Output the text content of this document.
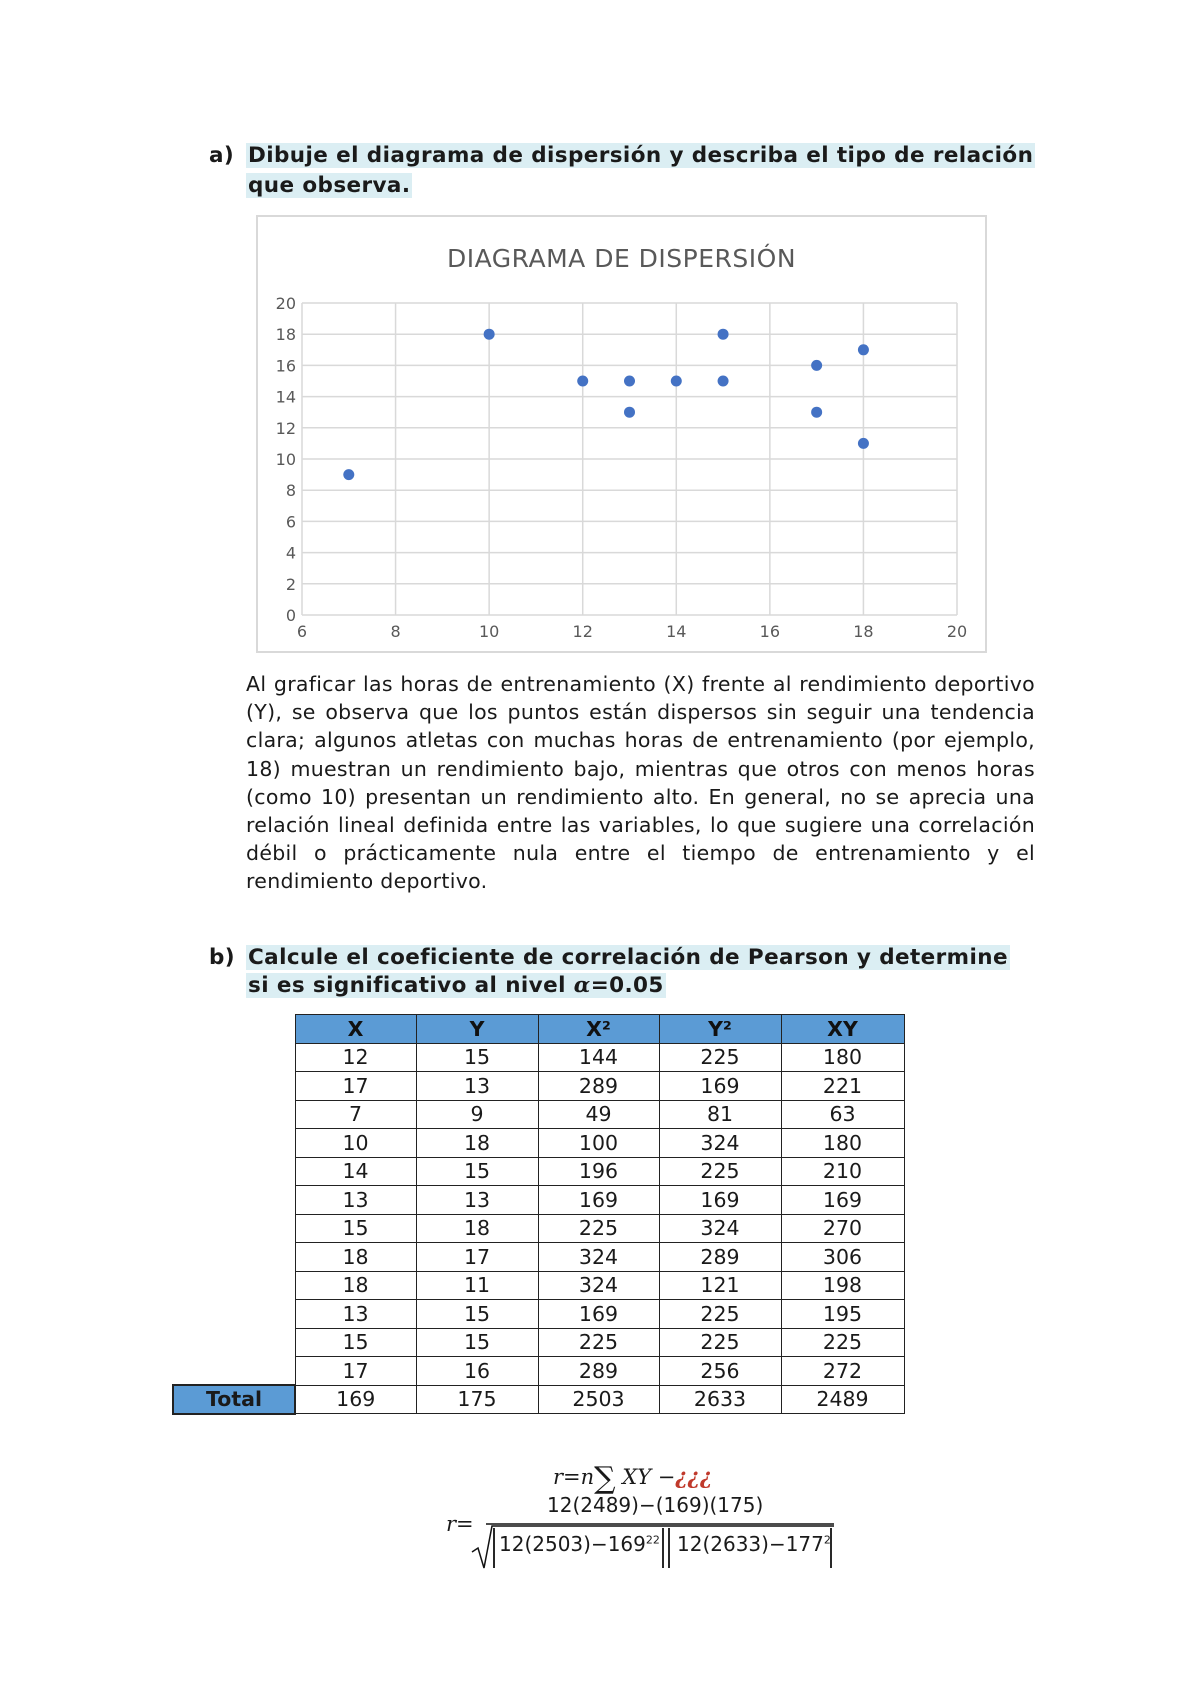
a) Dibuje el diagrama de dispersión y describa el tipo de relación
que observa.
DIAGRAMA DE DISPERSIÓN
0
2
4
6
8
10
12
14
16
18
20
6	8	10	12	14	16	18	20
Al graficar las horas de entrenamiento (X) frente al rendimiento deportivo (Y), se observa que los puntos están dispersos sin seguir una tendencia clara; algunos atletas con muchas horas de entrenamiento (por ejemplo, 18) muestran un rendimiento bajo, mientras que otros con menos horas (como 10) presentan un rendimiento alto. En general, no se aprecia una relación lineal definida entre las variables, lo que sugiere una correlación débil o prácticamente nula entre el tiempo de entrenamiento y el rendimiento deportivo.
b) Calcule el coeficiente de correlación de Pearson y determine
si es significativo al nivel α=0.05
	X	Y	X²	Y²	XY
	12	15	144	225	180
	17	13	289	169	221
	7	9	49	81	63
	10	18	100	324	180
	14	15	196	225	210
	13	13	169	169	169
	15	18	225	324	270
	18	17	324	289	306
	18	11	324	121	198
	13	15	169	225	195
	15	15	225	225	225
	17	16	289	256	272
Total	169	175	2503	2633	2489
r=n∑ XY −¿¿¿
r=
12(2489)−(169)(175)
$12(2503)-169^{22}$ $12(2633)-177^2$
